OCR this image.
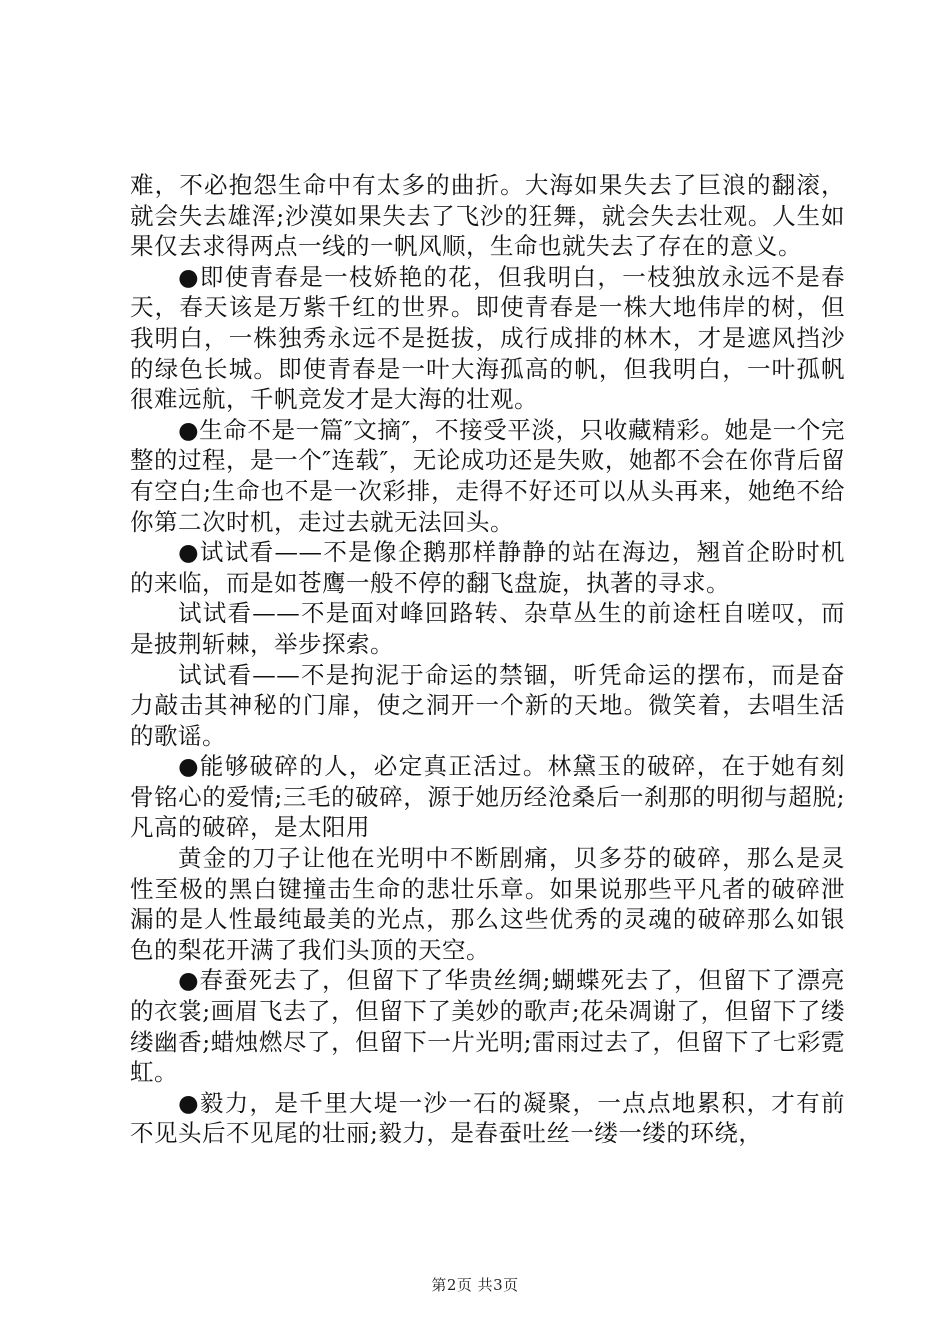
难，不必抱怨生命中有太多的曲折。大海如果失去了巨浪的翻滚，就会失去雄浑;沙漠如果失去了飞沙的狂舞，就会失去壮观。人生如果仅去求得两点一线的一帆风顺，生命也就失去了存在的意义。

●即使青春是一枝娇艳的花，但我明白，一枝独放永远不是春天，春天该是万紫千红的世界。即使青春是一株大地伟岸的树，但我明白，一株独秀永远不是挺拔，成行成排的林木，才是遮风挡沙的绿色长城。即使青春是一叶大海孤高的帆，但我明白，一叶孤帆很难远航，千帆竞发才是大海的壮观。

●生命不是一篇″文摘″，不接受平淡，只收藏精彩。她是一个完整的过程，是一个″连载″，无论成功还是失败，她都不会在你背后留有空白;生命也不是一次彩排，走得不好还可以从头再来，她绝不给你第二次时机，走过去就无法回头。

●试试看——不是像企鹅那样静静的站在海边，翘首企盼时机的来临，而是如苍鹰一般不停的翻飞盘旋，执著的寻求。

试试看——不是面对峰回路转、杂草丛生的前途枉自嗟叹，而是披荆斩棘，举步探索。

试试看——不是拘泥于命运的禁锢，听凭命运的摆布，而是奋力敲击其神秘的门扉，使之洞开一个新的天地。微笑着，去唱生活的歌谣。

●能够破碎的人，必定真正活过。林黛玉的破碎，在于她有刻骨铭心的爱情;三毛的破碎，源于她历经沧桑后一刹那的明彻与超脱;凡高的破碎，是太阳用

黄金的刀子让他在光明中不断剧痛，贝多芬的破碎，那么是灵性至极的黑白键撞击生命的悲壮乐章。如果说那些平凡者的破碎泄漏的是人性最纯最美的光点，那么这些优秀的灵魂的破碎那么如银色的梨花开满了我们头顶的天空。

●春蚕死去了，但留下了华贵丝绸;蝴蝶死去了，但留下了漂亮的衣裳;画眉飞去了，但留下了美妙的歌声;花朵凋谢了，但留下了缕缕幽香;蜡烛燃尽了，但留下一片光明;雷雨过去了，但留下了七彩霓虹。

●毅力，是千里大堤一沙一石的凝聚，一点点地累积，才有前不见头后不见尾的壮丽;毅力，是春蚕吐丝一缕一缕的环绕，

第2页 共3页
